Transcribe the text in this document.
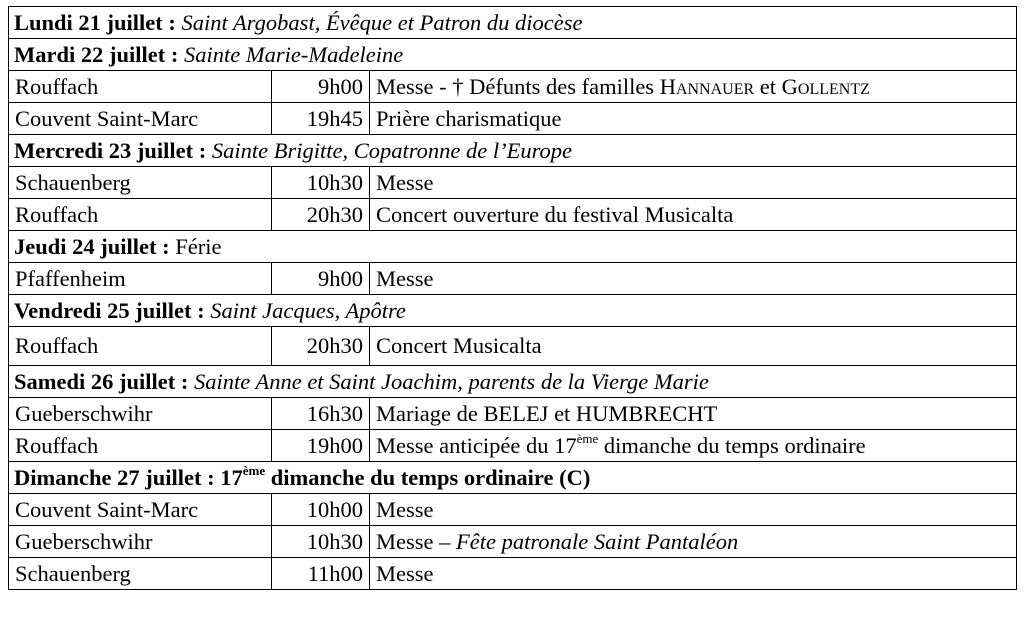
Lundi 21 juillet : Saint Argobast, Évêque et Patron du diocèse		
Mardi 22 juillet : Sainte Marie-Madeleine		
Rouffach	9h00	Messe - † Défunts des familles Hannauer et Gollentz
Couvent Saint-Marc	19h45	Prière charismatique
Mercredi 23 juillet : Sainte Brigitte, Copatronne de l’Europe		
Schauenberg	10h30	Messe
Rouffach	20h30	Concert ouverture du festival Musicalta
Jeudi 24 juillet : Férie		
Pfaffenheim	9h00	Messe
Vendredi 25 juillet : Saint Jacques, Apôtre		
Rouffach	20h30	Concert Musicalta
Samedi 26 juillet : Sainte Anne et Saint Joachim, parents de la Vierge Marie		
Gueberschwihr	16h30	Mariage de BELEJ et HUMBRECHT
Rouffach	19h00	Messe anticipée du 17ème dimanche du temps ordinaire
Dimanche 27 juillet : 17ème dimanche du temps ordinaire (C)		
Couvent Saint-Marc	10h00	Messe
Gueberschwihr	10h30	Messe – Fête patronale Saint Pantaléon
Schauenberg	11h00	Messe
